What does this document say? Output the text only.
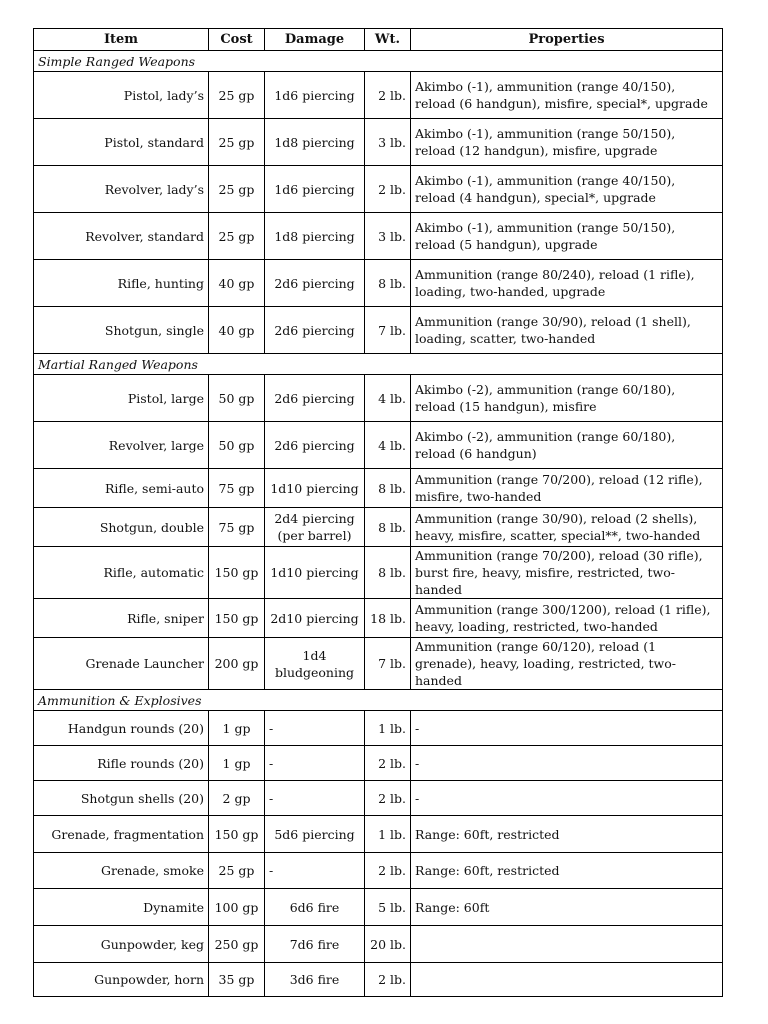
Item	Cost	Damage	Wt.	Properties
Simple Ranged Weapons				
Pistol, lady’s	25 gp	1d6 piercing	2 lb.	Akimbo (-1), ammunition (range 40/150), reload (6 handgun), misfire, special*, upgrade
Pistol, standard	25 gp	1d8 piercing	3 lb.	Akimbo (-1), ammunition (range 50/150), reload (12 handgun), misfire, upgrade
Revolver, lady’s	25 gp	1d6 piercing	2 lb.	Akimbo (-1), ammunition (range 40/150), reload (4 handgun), special*, upgrade
Revolver, standard	25 gp	1d8 piercing	3 lb.	Akimbo (-1), ammunition (range 50/150), reload (5 handgun), upgrade
Rifle, hunting	40 gp	2d6 piercing	8 lb.	Ammunition (range 80/240), reload (1 rifle), loading, two-handed, upgrade
Shotgun, single	40 gp	2d6 piercing	7 lb.	Ammunition (range 30/90), reload (1 shell), loading, scatter, two-handed
Martial Ranged Weapons				
Pistol, large	50 gp	2d6 piercing	4 lb.	Akimbo (-2), ammunition (range 60/180), reload (15 handgun), misfire
Revolver, large	50 gp	2d6 piercing	4 lb.	Akimbo (-2), ammunition (range 60/180), reload (6 handgun)
Rifle, semi-auto	75 gp	1d10 piercing	8 lb.	Ammunition (range 70/200), reload (12 rifle), misfire, two-handed
Shotgun, double	75 gp	2d4 piercing (per barrel)	8 lb.	Ammunition (range 30/90), reload (2 shells), heavy, misfire, scatter, special**, two-handed
Rifle, automatic	150 gp	1d10 piercing	8 lb.	Ammunition (range 70/200), reload (30 rifle), burst fire, heavy, misfire, restricted, two-handed
Rifle, sniper	150 gp	2d10 piercing	18 lb.	Ammunition (range 300/1200), reload (1 rifle), heavy, loading, restricted, two-handed
Grenade Launcher	200 gp	1d4 bludgeoning	7 lb.	Ammunition (range 60/120), reload (1 grenade), heavy, loading, restricted, two-handed
Ammunition & Explosives				
Handgun rounds (20)	1 gp	-	1 lb.	-
Rifle rounds (20)	1 gp	-	2 lb.	-
Shotgun shells (20)	2 gp	-	2 lb.	-
Grenade, fragmentation	150 gp	5d6 piercing	1 lb.	Range: 60ft, restricted
Grenade, smoke	25 gp	-	2 lb.	Range: 60ft, restricted
Dynamite	100 gp	6d6 fire	5 lb.	Range: 60ft
Gunpowder, keg	250 gp	7d6 fire	20 lb.	
Gunpowder, horn	35 gp	3d6 fire	2 lb.	
